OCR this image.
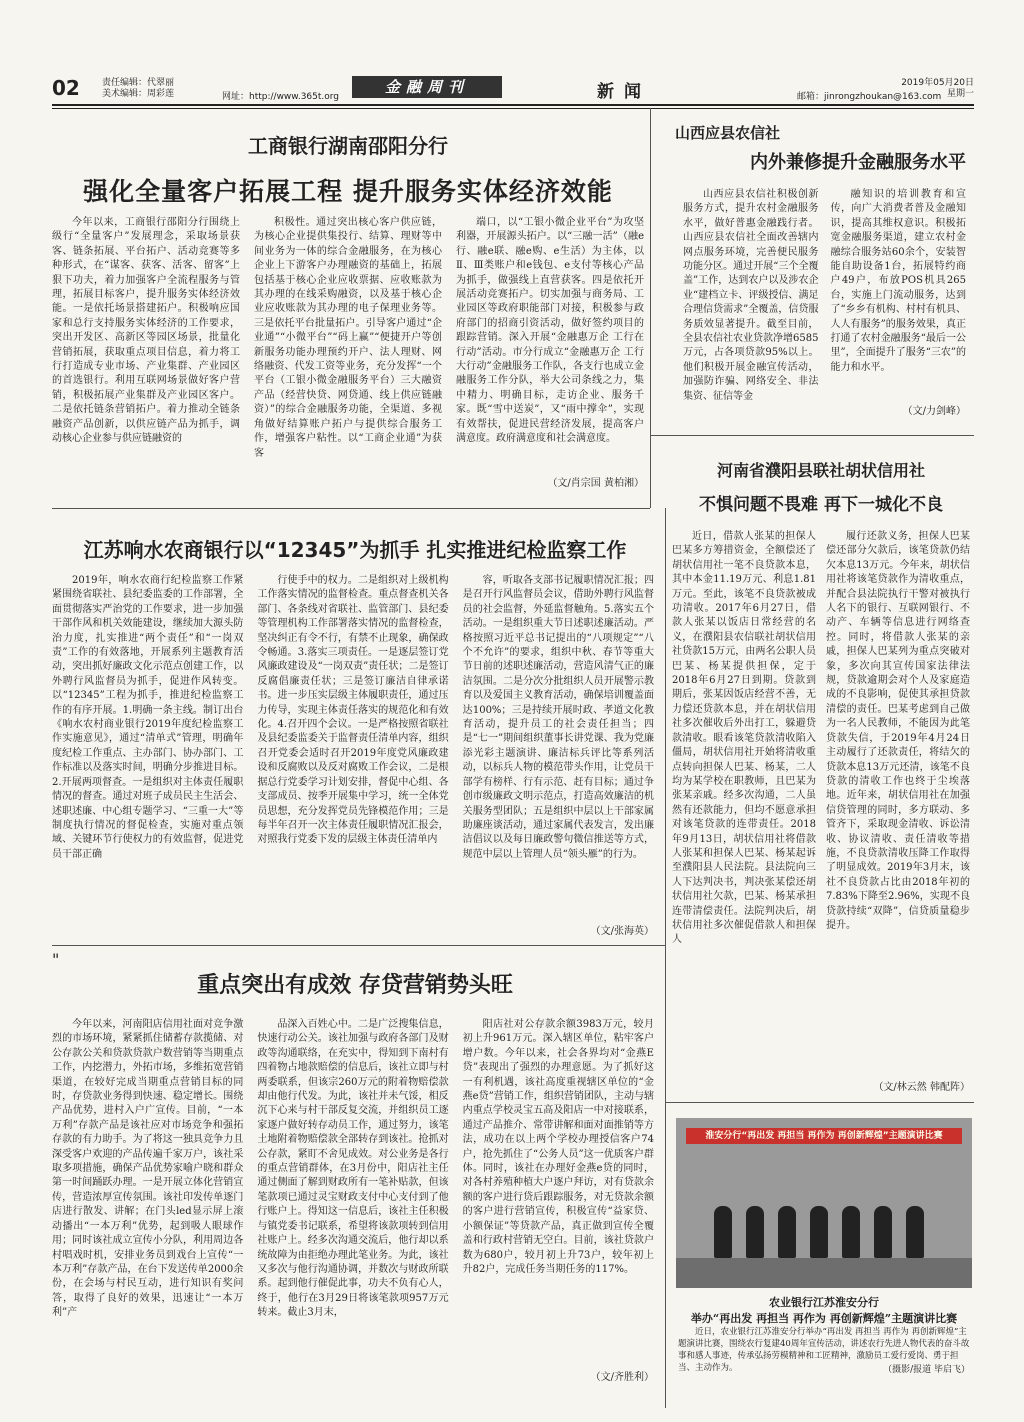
02 责任编辑：代翠丽
美术编辑：周彩莲	网址：http://www.365t.org
金融周刊	新闻	邮箱：jinrongzhoukan@163.com
2019年05月20日
星期一
工商银行湖南邵阳分行
强化全量客户拓展工程 提升服务实体经济效能

今年以来，工商银行邵阳分行围绕上级行“全量客户”发展理念，采取场景获客、链条拓展、平台拓户、活动竞赛等多种形式，在“谋客、获客、活客、留客”上狠下功夫，着力加强客户全流程服务与管理，拓展目标客户，提升服务实体经济效能。一是依托场景搭建拓户。积极响应国家和总行支持服务实体经济的工作要求，突出开发区、高新区等园区场景，批量化营销拓展，获取重点项目信息，着力将工行打造成专业市场、产业集群、产业园区的首选银行。利用互联网场景做好客户营销，积极拓展产业集群及产业园区客户。二是依托链条营销拓户。着力推动全链条融资产品创新，以供应链产品为抓手，调动核心企业参与供应链融资的

积极性。通过突出核心客户供应链，为核心企业提供集投行、结算、理财等中间业务为一体的综合金融服务，在为核心企业上下游客户办理融资的基础上，拓展包括基于核心企业应收票据、应收账款为其办理的在线采购融资，以及基于核心企业应收账款为其办理的电子保理业务等。三是依托平台批量拓户。引导客户通过“企业通”“小微平台”“码上赢”“便捷开户等创新服务功能办理预约开户、法人理财、网络融资、代发工资等业务，充分发挥“一个平台（工银小微金融服务平台）三大融资产品（经营快贷、网贷通、线上供应链融资）”的综合金融服务功能，全渠道、多视角做好结算账户拓户与提供综合服务工作，增强客户粘性。以“工商企业通”为获客

端口，以“工银小微企业平台”为攻坚利器，开展源头拓户。以“三融一活”（融e行、融e联、融e购、e生活）为主体，以Ⅱ、Ⅲ类账户和e钱包、e支付等核心产品为抓手，做强线上直营获客。四是依托开展活动竞赛拓户。切实加强与商务局、工业园区等政府职能部门对接，积极参与政府部门的招商引资活动，做好签约项目的跟踪营销。深入开展“金融惠万企 工行在行动”活动。市分行成立“金融惠万企 工行大行动”金融服务工作队，各支行也成立金融服务工作分队，举大公司条线之力，集中精力、明确目标，走访企业、服务千家。既“雪中送炭”，又“雨中撑伞”，实现有效帮扶，促进民营经济发展，提高客户满意度。政府满意度和社会满意度。

（文/肖宗国 黄柏湘）
山西应县农信社
内外兼修提升金融服务水平

山西应县农信社积极创新服务方式，提升农村金融服务水平，做好普惠金融践行者。山西应县农信社全面改善辖内网点服务环境，完善便民服务功能分区。通过开展“三个全覆盖”工作，达到农户以及涉农企业“建档立卡、评级授信、满足合理信贷需求”全覆盖，信贷服务质效显著提升。截至目前，全县农信社农业贷款净增6585万元，占各项贷款95%以上。他们积极开展金融宣传活动，加强防诈骗、网络安全、非法集资、征信等金

融知识的培训教育和宣传，向广大消费者普及金融知识，提高其维权意识。积极拓宽金融服务渠道，建立农村金融综合服务站60余个，安装智能自助设备1台，拓展特约商户49户，布放POS机具265台，实施上门流动服务，达到了“乡乡有机构、村村有机具、人人有服务”的服务效果，真正打通了农村金融服务“最后一公里”，全面提升了服务“三农”的能力和水平。

（文/力剑峰）
河南省濮阳县联社胡状信用社
不惧问题不畏难 再下一城化不良

近日，借款人张某的担保人巴某多方筹措资金，全额偿还了胡状信用社一笔不良贷款本息，其中本金11.19万元、利息1.81万元。至此，该笔不良贷款被成功清收。2017年6月27日，借款人张某以饭店日常经营的名义，在濮阳县农信联社胡状信用社贷款15万元，由两名公职人员巴某、杨某提供担保，定于2018年6月27日到期。贷款到期后，张某因饭店经营不善，无力偿还贷款本息，并在胡状信用社多次催收后外出打工，躲避贷款清收。眼看该笔贷款清收陷入僵局，胡状信用社开始将清收重点转向担保人巴某、杨某，二人均为某学校在职教师，且巴某为张某亲戚。经多次沟通，二人虽然有还款能力，但均不愿意承担对该笔贷款的连带责任。2018年9月13日，胡状信用社将借款人张某和担保人巴某、杨某起诉至濮阳县人民法院。县法院向三人下达判决书，判决张某偿还胡状信用社欠款，巴某、杨某承担连带清偿责任。法院判决后，胡状信用社多次催促借款人和担保人

履行还款义务，担保人巴某偿还部分欠款后，该笔贷款仍结欠本息13万元。今年来，胡状信用社将该笔贷款作为清收重点，并配合县法院执行干警对被执行人名下的银行、互联网银行、不动产、车辆等信息进行网络查控。同时，将借款人张某的亲戚，担保人巴某列为重点突破对象，多次向其宣传国家法律法规，贷款逾期会对个人及家庭造成的不良影响，促使其承担贷款清偿的责任。巴某考虑到自己做为一名人民教师，不能因为此笔贷款失信，于2019年4月24日主动履行了还款责任，将结欠的贷款本息13万元还清，该笔不良贷款的清收工作也终于尘埃落地。近年来，胡状信用社在加强信贷管理的同时，多方联动、多管齐下，采取现金清收、诉讼清收、协议清收、责任清收等措施，不良贷款清收压降工作取得了明显成效。2019年3月末，该社不良贷款占比由2018年初的7.83%下降至2.96%，实现不良贷款持续“双降”，信贷质量稳步提升。

（文/林云然 韩配阵）
江苏响水农商银行以“12345”为抓手 扎实推进纪检监察工作

2019年，响水农商行纪检监察工作紧紧围绕省联社、县纪委监委的工作部署，全面贯彻落实严治党的工作要求，进一步加强干部作风和机关效能建设，继续加大源头防治力度，扎实推进“两个责任”和“一岗双责”工作的有效落地，开展系列主题教育活动，突出抓好廉政文化示范点创建工作，以外聘行风监督员为抓手，促进作风转变。以“12345”工程为抓手，推进纪检监察工作的有序开展。1.明确一条主线。制订出台《响水农村商业银行2019年度纪检监察工作实施意见》，通过“清单式”管理，明确年度纪检工作重点、主办部门、协办部门、工作标准以及落实时间，明确分步推进目标。2.开展两项督查。一是组织对主体责任履职情况的督查。通过对班子成员民主生活会、述职述廉、中心组专题学习、“三重一大”等制度执行情况的督促检查，实施对重点领域、关键环节行使权力的有效监督，促进党员干部正确

行使手中的权力。二是组织对上级机构工作落实情况的监督检查。重点督查机关各部门、各条线对省联社、监管部门、县纪委等管理机构工作部署落实情况的监督检查，坚决纠正有令不行，有禁不止现象，确保政令畅通。3.落实三项责任。一是逐层签订党风廉政建设及“一岗双责”责任状；二是签订反腐倡廉责任状；三是签订廉洁自律承诺书。进一步压实层级主体履职责任，通过压力传导，实现主体责任落实的规范化和有效化。4.召开四个会议。一是严格按照省联社及县纪委监委关于监督责任清单内容，组织召开党委会适时召开2019年度党风廉政建设和反腐败以及反对腐败工作会议，二是根据总行党委学习计划安排，督促中心组、各支部成员、按季开展集中学习，统一全体党员思想，充分发挥党员先锋模范作用；三是每半年召开一次主体责任履职情况汇报会，对照我行党委下发的层级主体责任清单内

容，听取各支部书记履职情况汇报；四是召开行风监督员会议，借助外聘行风监督员的社会监督，外延监督触角。5.落实五个活动。一是组织重大节日述职述廉活动。严格按照习近平总书记提出的“八项规定”“八个不允许”的要求，组织中秋、春节等重大节日前的述职述廉活动，营造风清气正的廉洁氛围。二是分次分批组织人员开展警示教育以及爱国主义教育活动，确保培训覆盖面达100%；三是持续开展时政、孝道文化教育活动，提升员工的社会责任担当；四是“七一”期间组织董事长讲党课、我为党廉添光彩主题演讲、廉洁标兵评比等系列活动，以标兵人物的模范带头作用，让党员干部学有榜样、行有示范、赶有目标；通过争创市级廉政文明示范点，打造高效廉洁的机关服务型团队；五是组织中层以上干部家属助廉座谈活动，通过家属代表发言，发出廉洁倡议以及每日廉政警句微信推送等方式，规范中层以上管理人员“领头雁”的行为。

（文/张海英）
重点突出有成效 存贷营销势头旺
"

今年以来，河南阳店信用社面对竞争激烈的市场环境，紧紧抓住储蓄存款揽储、对公存款公关和贷款贷款户数营销等当期重点工作，内挖潜力，外拓市场，多维拓宽营销渠道，在较好完成当期重点营销目标的同时，存贷款业务得到快速、稳定增长。围绕产品优势，进村入户广宣传。目前，“一本万利”存款产品是该社应对市场竞争和强拓存款的有力助手。为了将这一独具竞争力且深受客户欢迎的产品传遍千家万户，该社采取多项措施，确保产品优势家喻户晓和群众第一时间踊跃办理。一是开展立体化营销宣传，营造浓厚宣传氛围。该社印发传单逐门店进行散发、讲解；在门头led显示屏上滚动播出“一本万利”优势，起到吸人眼球作用；同时该社成立宣传小分队，利用周边各村唱戏时机，安排业务员到戏台上宣传“一本万利”存款产品，在台下发送传单2000余份，在会场与村民互动，进行知识有奖问答，取得了良好的效果，迅速让“一本万利”产

品深入百姓心中。二是广泛搜集信息，快速行动公关。该社加强与政府各部门及财政等沟通联络，在充实中，得知到下南村有四着物占地款赔偿的信息后，该社立即与村两委联系，但该宗260万元的附着物赔偿款却由他行代发。为此，该社并未气馁，相反沉下心来与村干部反复交流，并组织员工逐家逐户做好转存动员工作，通过努力，该笔土地附着物赔偿款全部转存到该社。抢抓对公存款，紧盯不舍见成效。对公业务是各行的重点营销群体，在3月份中，阳店社主任通过侧面了解到财政所有一笔补贴款，但该笔款项已通过灵宝财政支付中心支付到了他行账户上。得知这一信息后，该社主任积极与镇党委书记联系，希望将该款项转到信用社账户上。经多次沟通交流后，他行却以系统故障为由拒绝办理此笔业务。为此，该社又多次与他行沟通协调，并数次与财政所联系。起到他行催促此事，功夫不负有心人，终于，他行在3月29日将该笔款项957万元转来。截止3月末，

阳店社对公存款余额3983万元，较月初上升961万元。深入辖区单位，粘牢客户增户数。今年以来，社会各界均对“金燕E贷”表现出了强烈的办理意愿。为了抓好这一有利机遇，该社高度重视辖区单位的“金燕e贷”营销工作，组织营销团队，主动与辖内重点学校灵宝五高及阳店一中对接联系，通过产品推介、常带讲解和面对面推销等方法，成功在以上两个学校办理授信客户74户，抢先抓住了“公务人员”这一优质客户群体。同时，该社在办理好金燕e贷的同时，对各村养殖种植大户逐户拜访，对有贷款余额的客户进行贷后跟踪服务，对无贷款余额的客户进行营销宣传，积极宣传“益家贷、小额保证”等贷款产品，真正做到宣传全覆盖和行政村营销无空白。目前，该社贷款户数为680户，较月初上升73户，较年初上升82户，完成任务当期任务的117%。

（文/齐胜利）
淮安分行“再出发 再担当 再作为 再创新辉煌”主题演讲比赛
农业银行江苏淮安分行
举办“再出发 再担当 再作为 再创新辉煌”主题演讲比赛

近日，农业银行江苏淮安分行举办“再出发 再担当 再作为 再创新辉煌”主题演讲比赛，围绕农行复建40周年宣传活动，讲述农行先进人物代表的奋斗故事和感人事迹，传承弘扬劳模精神和工匠精神，激励员工爱行爱岗、勇于担当、主动作为。	（摄影/报道 毕启飞）
